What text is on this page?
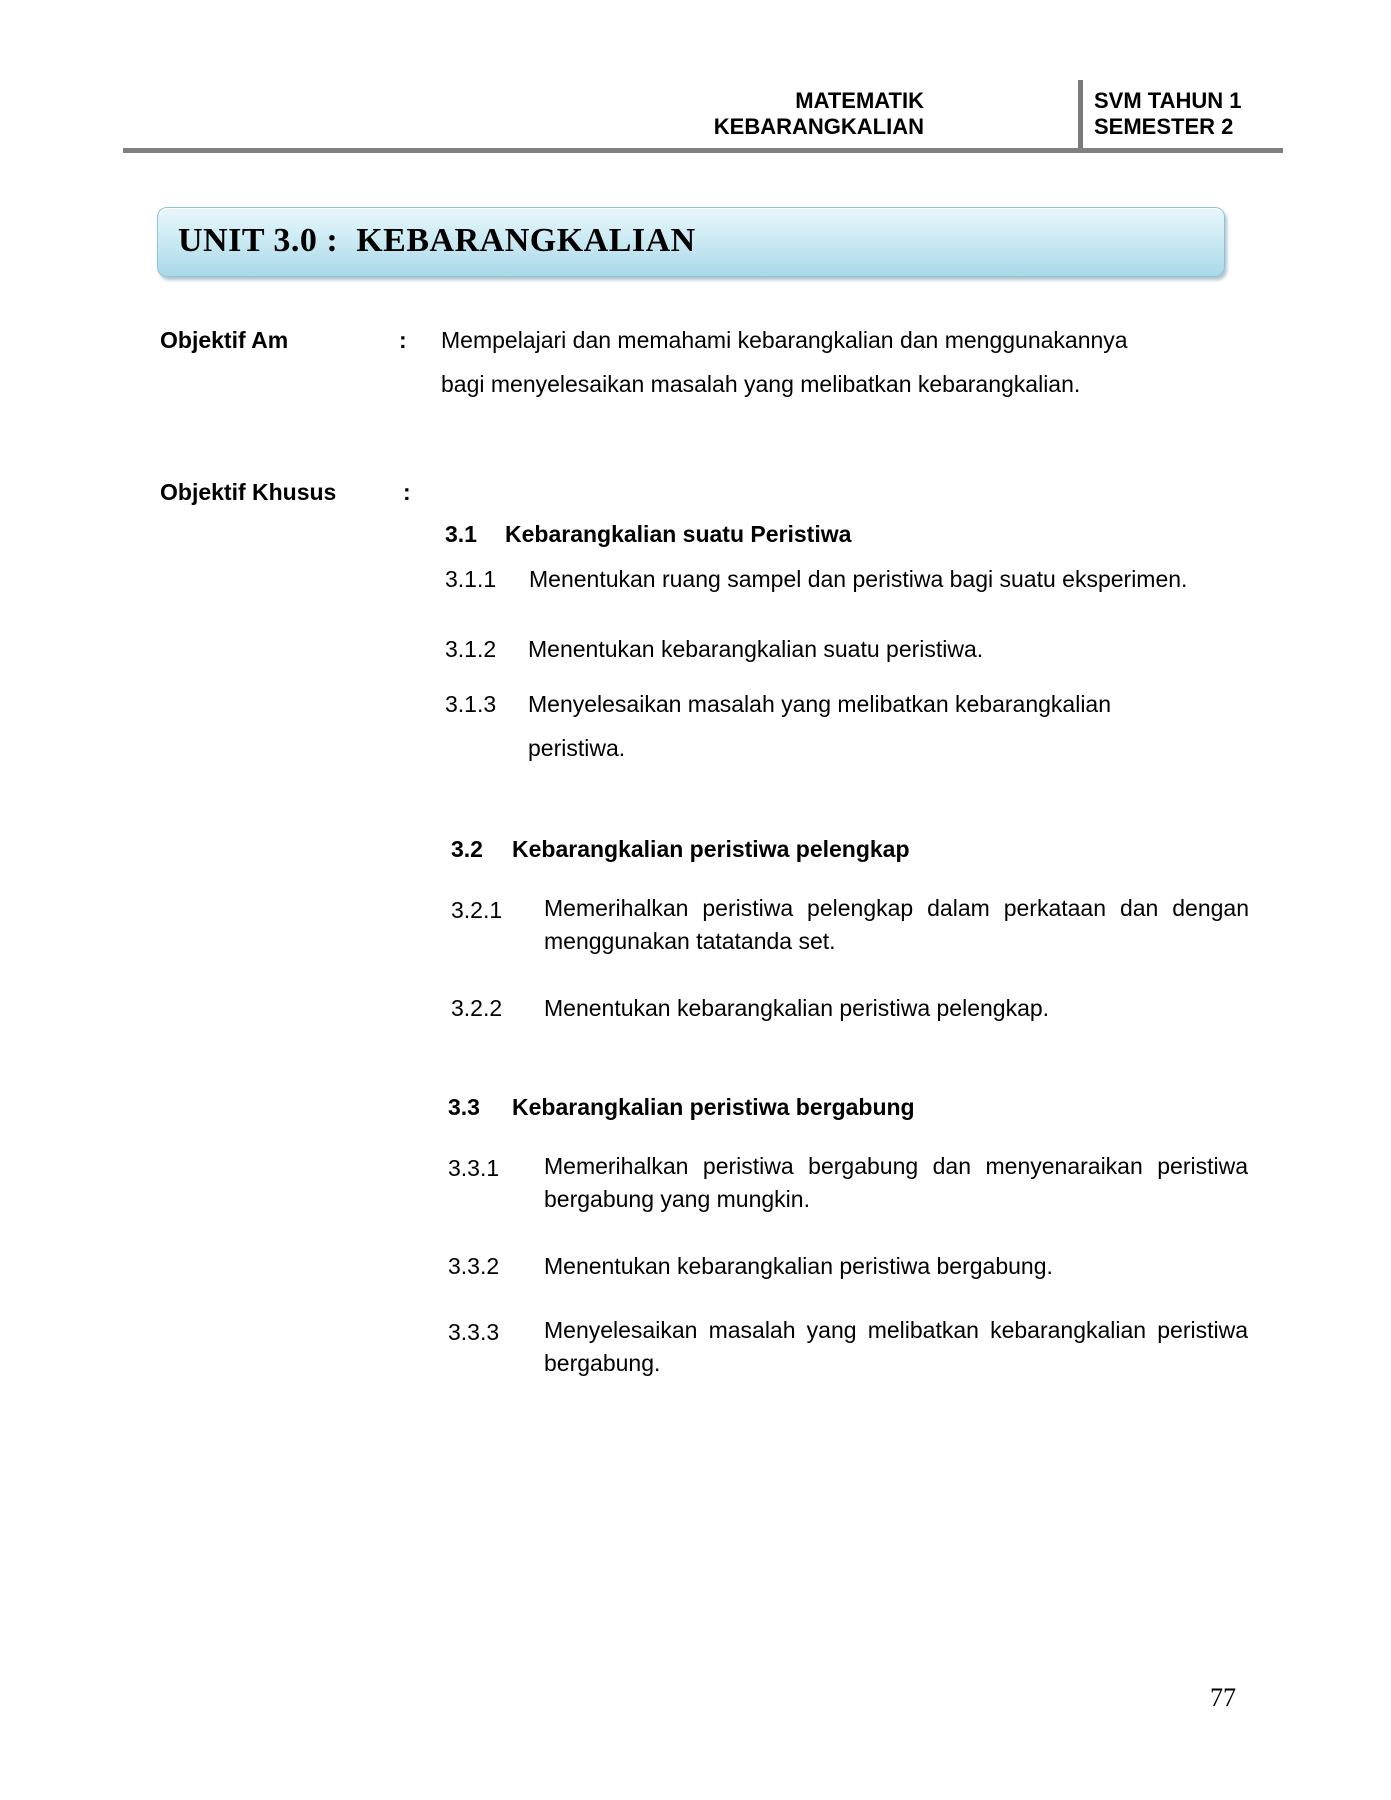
MATEMATIK
KEBARANGKALIAN
SVM TAHUN 1
SEMESTER 2
UNIT 3.0 :  KEBARANGKALIAN
Objektif Am	: Mempelajari dan memahami kebarangkalian dan menggunakannya
bagi menyelesaikan masalah yang melibatkan kebarangkalian.
Objektif Khusus	:
3.1 Kebarangkalian suatu Peristiwa
3.1.1 Menentukan ruang sampel dan peristiwa bagi suatu eksperimen.
3.1.2 Menentukan kebarangkalian suatu peristiwa.
3.1.3 Menyelesaikan masalah yang melibatkan kebarangkalian
peristiwa.
3.2 Kebarangkalian peristiwa pelengkap
3.2.1 Memerihalkan peristiwa pelengkap dalam perkataan dan dengan menggunakan tatatanda set.
3.2.2 Menentukan kebarangkalian peristiwa pelengkap.
3.3 Kebarangkalian peristiwa bergabung
3.3.1 Memerihalkan peristiwa bergabung dan menyenaraikan peristiwa bergabung yang mungkin.
3.3.2 Menentukan kebarangkalian peristiwa bergabung.
3.3.3 Menyelesaikan masalah yang melibatkan kebarangkalian peristiwa bergabung.
77
